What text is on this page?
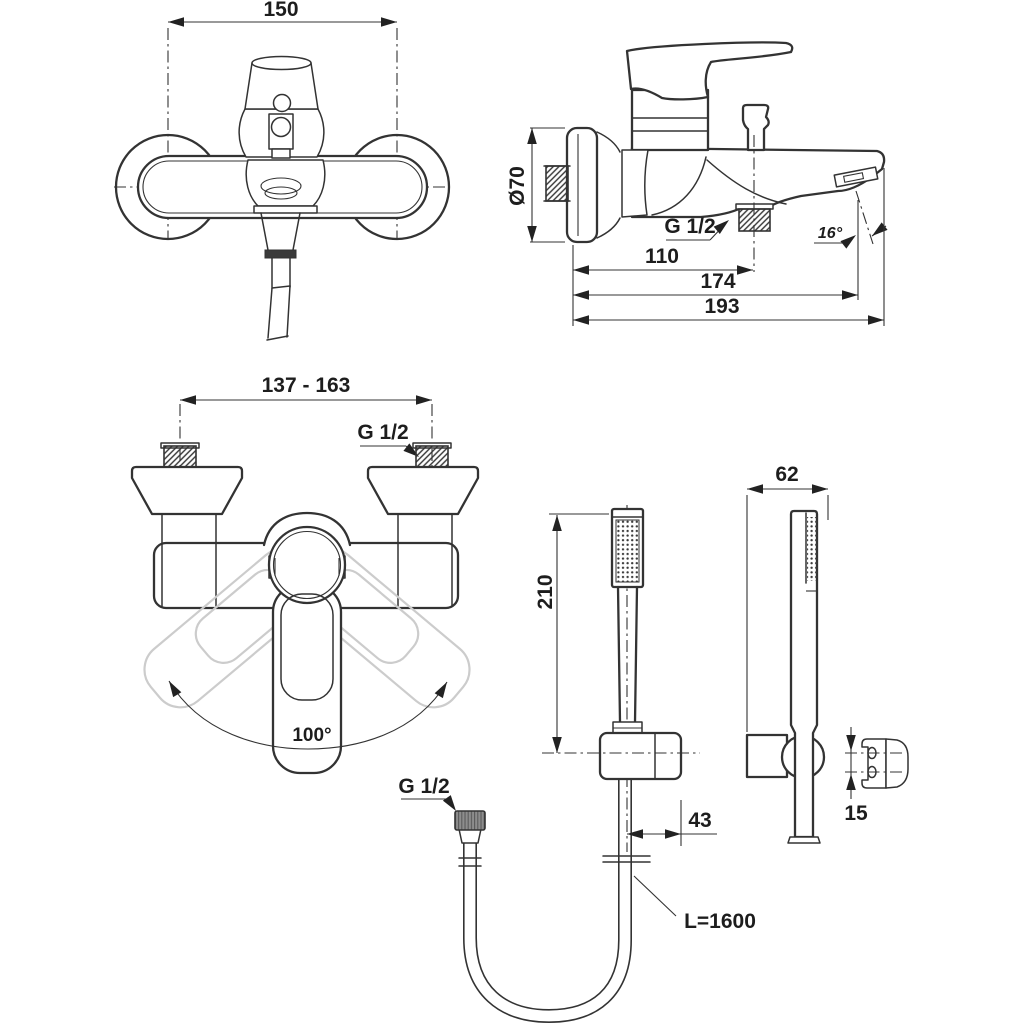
150
16°
G 1/2
Ø70
110
174
193
137 - 163
G 1/2
100°
210
43
L=1600
G 1/2
62
15
